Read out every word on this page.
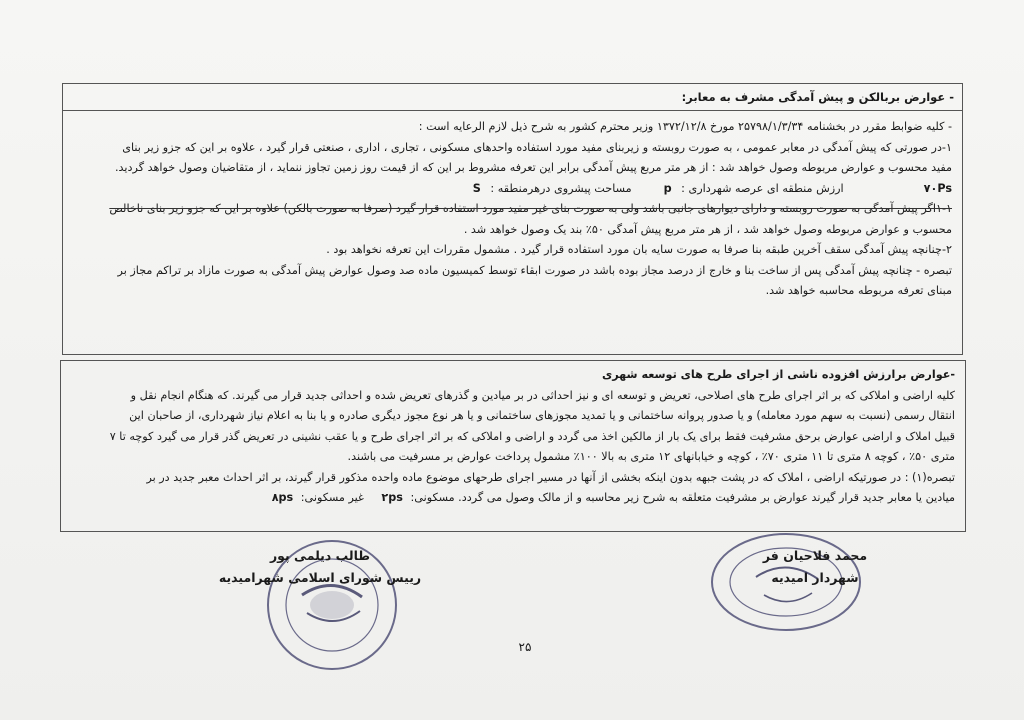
- عوارض بربالکن و پیش آمدگی مشرف به معابر:
- کلیه ضوابط مقرر در بخشنامه ۲۵۷۹۸/۱/۳/۳۴ مورخ ۱۳۷۲/۱۲/۸ وزیر محترم کشور به شرح ذیل لازم الرعایه است :
۱-در صورتی که پیش آمدگی در معابر عمومی ، به صورت روبسته و زیربنای مفید مورد استفاده واحدهای مسکونی ، تجاری ، اداری ، صنعتی قرار گیرد ، علاوه بر این که جزو زیر بنای
مفید محسوب و عوارض مربوطه وصول خواهد شد : از هر متر مربع پیش آمدگی برابر این تعرفه مشروط بر این که از قیمت روز زمین تجاوز ننماید ، از متقاضیان وصول خواهد گردید.
۷۰Ps
ارزش منطقه ای عرصه شهرداری : p
مساحت پیشروی درهرمنطقه : S
۱-۱اگر پیش آمدگی به صورت روبسته و دارای دیوارهای جانبی باشد ولی به صورت بنای غیر مفید مورد استفاده قرار گیرد (صرفا به صورت بالکن) علاوه بر این که جزو زیر بنای ناخالص
محسوب و عوارض مربوطه وصول خواهد شد ، از هر متر مربع پیش آمدگی ۵۰٪ بند یک وصول خواهد شد .
۲-چنانچه پیش آمدگی سقف آخرین طبقه بنا صرفا به صورت سایه بان مورد استفاده قرار گیرد . مشمول مقررات این تعرفه نخواهد بود .
تبصره - چنانچه پیش آمدگی پس از ساخت بنا و خارج از درصد مجاز بوده باشد در صورت ابقاء توسط کمیسیون ماده صد وصول عوارض پیش آمدگی به صورت مازاد بر تراکم مجاز بر
مبنای تعرفه مربوطه محاسبه خواهد شد.
-عوارض برارزش افزوده ناشی از اجرای طرح های توسعه شهری
کلیه اراضی و املاکی که بر اثر اجرای طرح های اصلاحی، تعریض و توسعه ای و نیز احداثی در بر میادین و گذرهای تعریض شده و احداثی جدید قرار می گیرند. که هنگام انجام نقل و
انتقال رسمی (نسبت به سهم مورد معامله) و یا صدور پروانه ساختمانی و یا تمدید مجوزهای ساختمانی و یا هر نوع مجوز دیگری صادره و یا بنا به اعلام نیاز شهرداری، از صاحبان این
قبیل املاک و اراضی عوارض برحق مشرفیت فقط برای یک بار از مالکین اخذ می گردد و اراضی و املاکی که بر اثر اجرای طرح و یا عقب نشینی در تعریض گذر قرار می گیرد کوچه تا ۷
متری ۵۰٪ ، کوچه ۸ متری تا ۱۱ متری ۷۰٪ ، کوچه و خیابانهای ۱۲ متری به بالا ۱۰۰٪ مشمول پرداخت عوارض بر مسرفیت می باشند.
تبصره(۱) : در صورتیکه اراضی ، املاک که در پشت جبهه بدون اینکه بخشی از آنها در مسیر اجرای طرحهای موضوع ماده واحده مذکور قرار گیرند، بر اثر احداث معبر جدید در بر
میادین یا معابر جدید قرار گیرند عوارض بر مشرفیت متعلقه به شرح زیر محاسبه و از مالک وصول می گردد. مسکونی: ۲ps غیر مسکونی: ۸ps
طالب دیلمی پور
رییس شورای اسلامی شهرامیدیه
محمد فلاحیان فر
شهردار امیدیه
۲۵
